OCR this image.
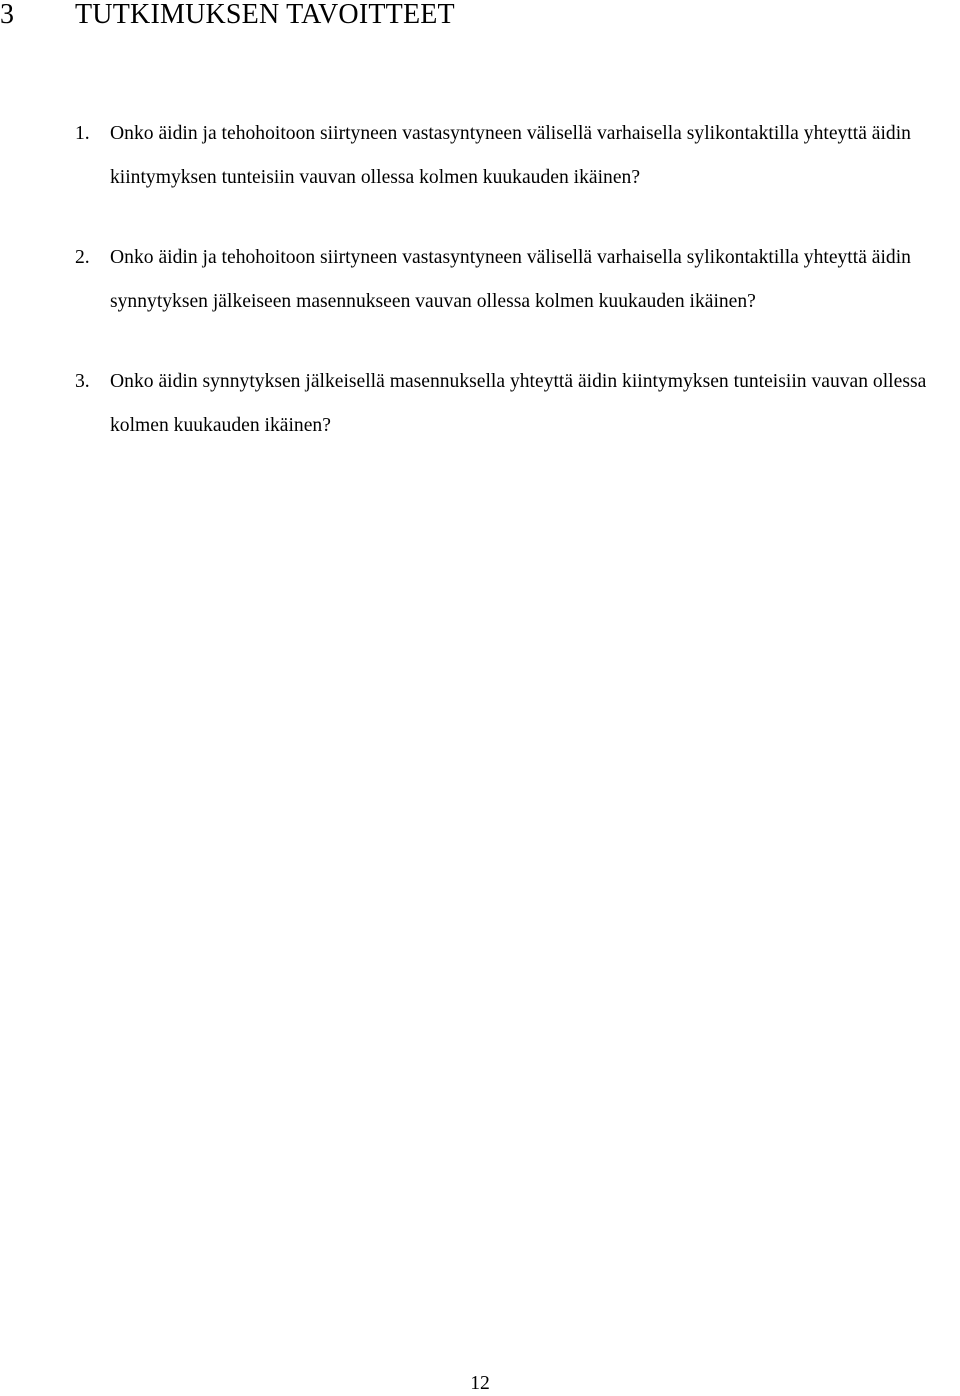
3 TUTKIMUKSEN TAVOITTEET
1. Onko äidin ja tehohoitoon siirtyneen vastasyntyneen välisellä varhaisella sylikontaktilla yhteyttä äidin kiintymyksen tunteisiin vauvan ollessa kolmen kuukauden ikäinen?
2. Onko äidin ja tehohoitoon siirtyneen vastasyntyneen välisellä varhaisella sylikontaktilla yhteyttä äidin synnytyksen jälkeiseen masennukseen vauvan ollessa kolmen kuukauden ikäinen?
3. Onko äidin synnytyksen jälkeisellä masennuksella yhteyttä äidin kiintymyksen tunteisiin vauvan ollessa kolmen kuukauden ikäinen?
12
